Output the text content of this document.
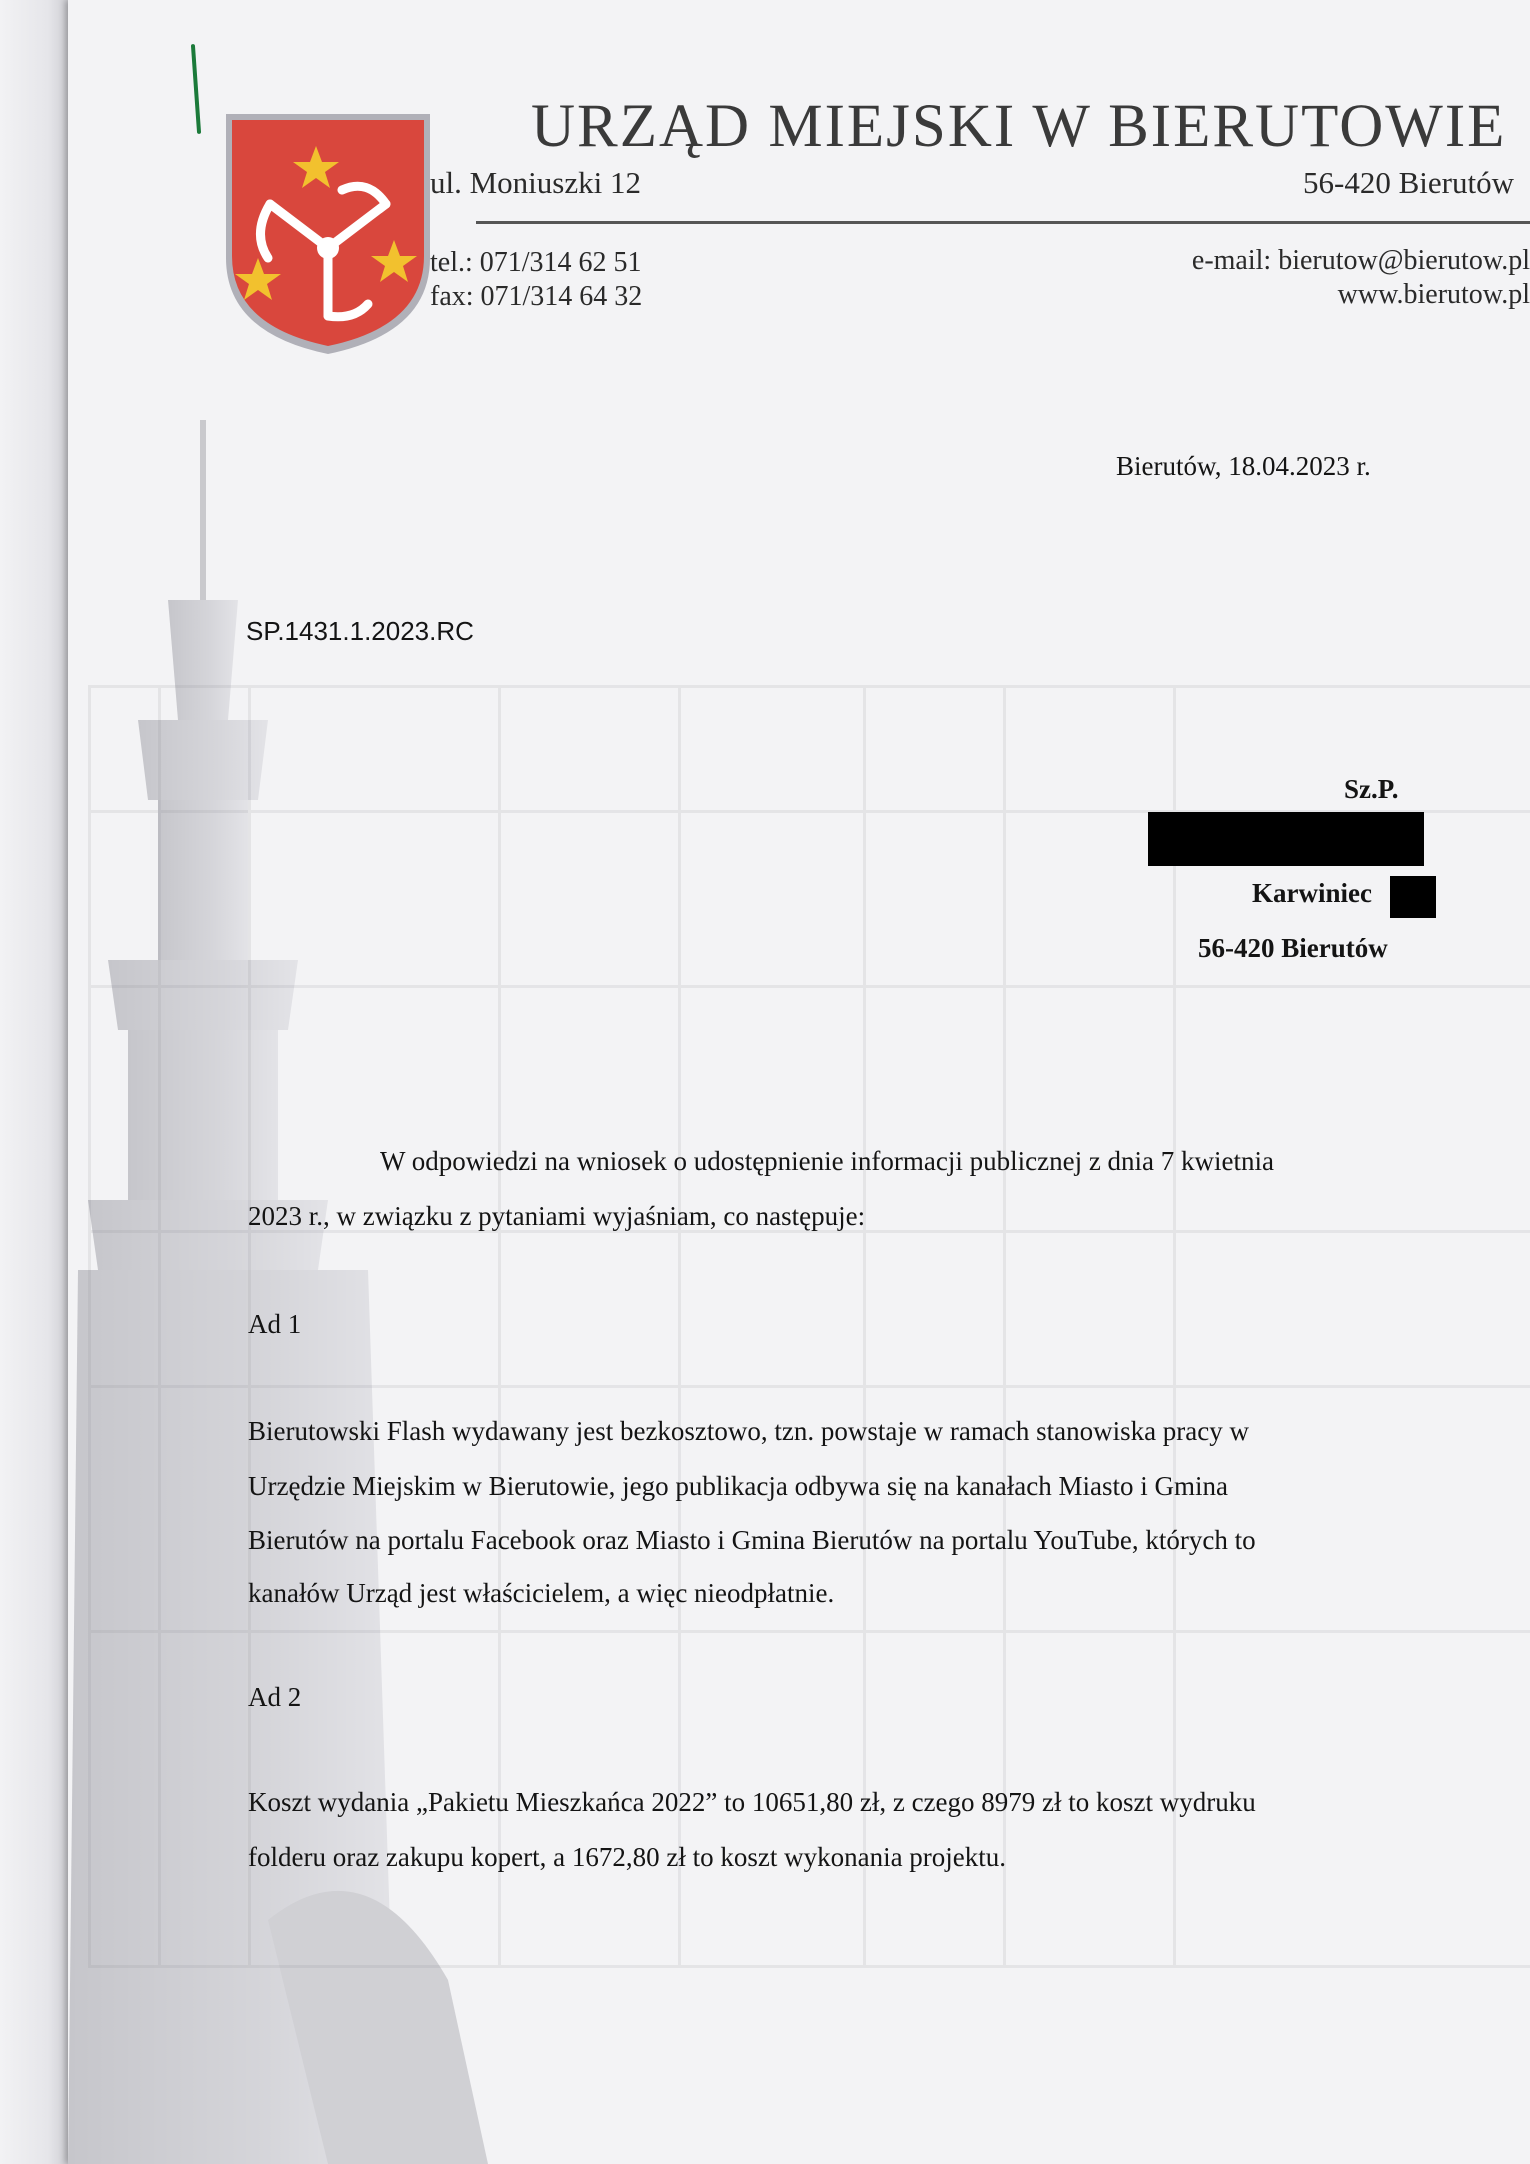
URZĄD MIEJSKI W BIERUTOWIE
ul. Moniuszki 12	56-420 Bierutów
tel.: 071/314 62 51
fax: 071/314 64 32
e-mail: bierutow@bierutow.pl
www.bierutow.pl
Bierutów, 18.04.2023 r.
SP.1431.1.2023.RC
Sz.P.
Karwiniec
56-420 Bierutów
W odpowiedzi na wniosek o udostępnienie informacji publicznej z dnia 7 kwietnia
2023 r., w związku z pytaniami wyjaśniam, co następuje:
Ad 1
Bierutowski Flash wydawany jest bezkosztowo, tzn. powstaje w ramach stanowiska pracy w
Urzędzie Miejskim w Bierutowie, jego publikacja odbywa się na kanałach Miasto i Gmina
Bierutów na portalu Facebook oraz Miasto i Gmina Bierutów na portalu YouTube, których to
kanałów Urząd jest właścicielem, a więc nieodpłatnie.
Ad 2
Koszt wydania „Pakietu Mieszkańca 2022” to 10651,80 zł, z czego 8979 zł to koszt wydruku
folderu oraz zakupu kopert, a 1672,80 zł to koszt wykonania projektu.
